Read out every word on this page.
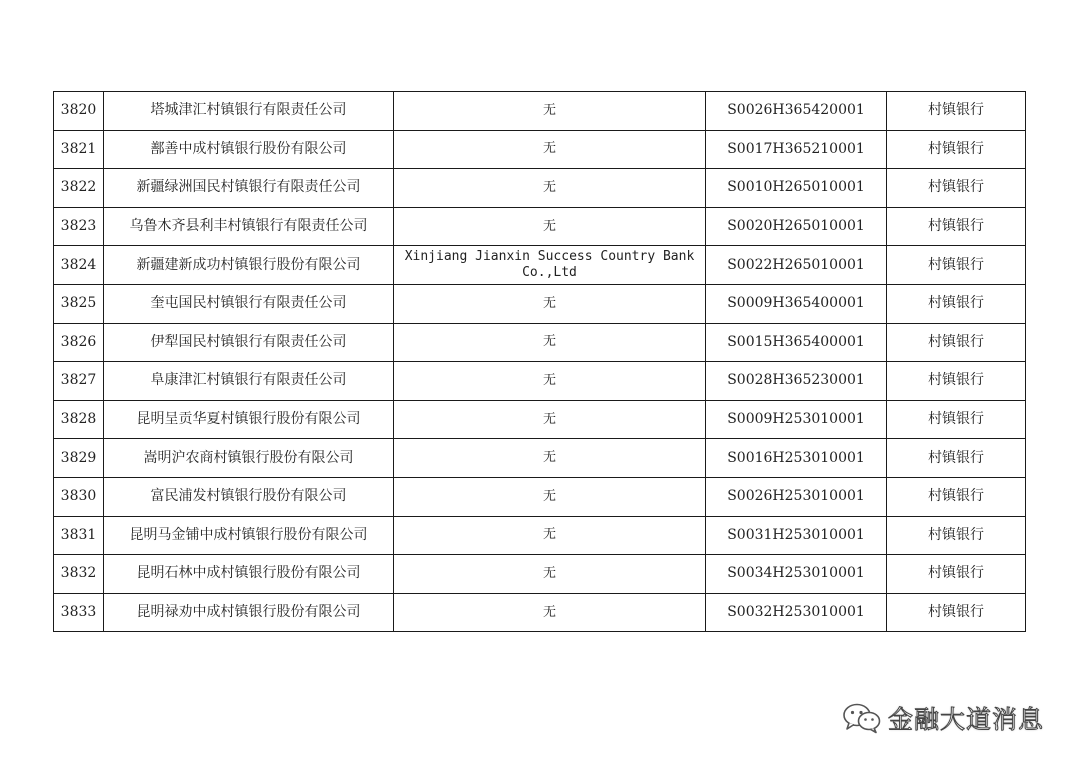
3820	塔城津汇村镇银行有限责任公司	无	S0026H365420001	村镇银行
3821	鄯善中成村镇银行股份有限公司	无	S0017H365210001	村镇银行
3822	新疆绿洲国民村镇银行有限责任公司	无	S0010H265010001	村镇银行
3823	乌鲁木齐县利丰村镇银行有限责任公司	无	S0020H265010001	村镇银行
3824	新疆建新成功村镇银行股份有限公司	Xinjiang Jianxin Success Country Bank Co.,Ltd	S0022H265010001	村镇银行
3825	奎屯国民村镇银行有限责任公司	无	S0009H365400001	村镇银行
3826	伊犁国民村镇银行有限责任公司	无	S0015H365400001	村镇银行
3827	阜康津汇村镇银行有限责任公司	无	S0028H365230001	村镇银行
3828	昆明呈贡华夏村镇银行股份有限公司	无	S0009H253010001	村镇银行
3829	嵩明沪农商村镇银行股份有限公司	无	S0016H253010001	村镇银行
3830	富民浦发村镇银行股份有限公司	无	S0026H253010001	村镇银行
3831	昆明马金铺中成村镇银行股份有限公司	无	S0031H253010001	村镇银行
3832	昆明石林中成村镇银行股份有限公司	无	S0034H253010001	村镇银行
3833	昆明禄劝中成村镇银行股份有限公司	无	S0032H253010001	村镇银行
金融大道消息
